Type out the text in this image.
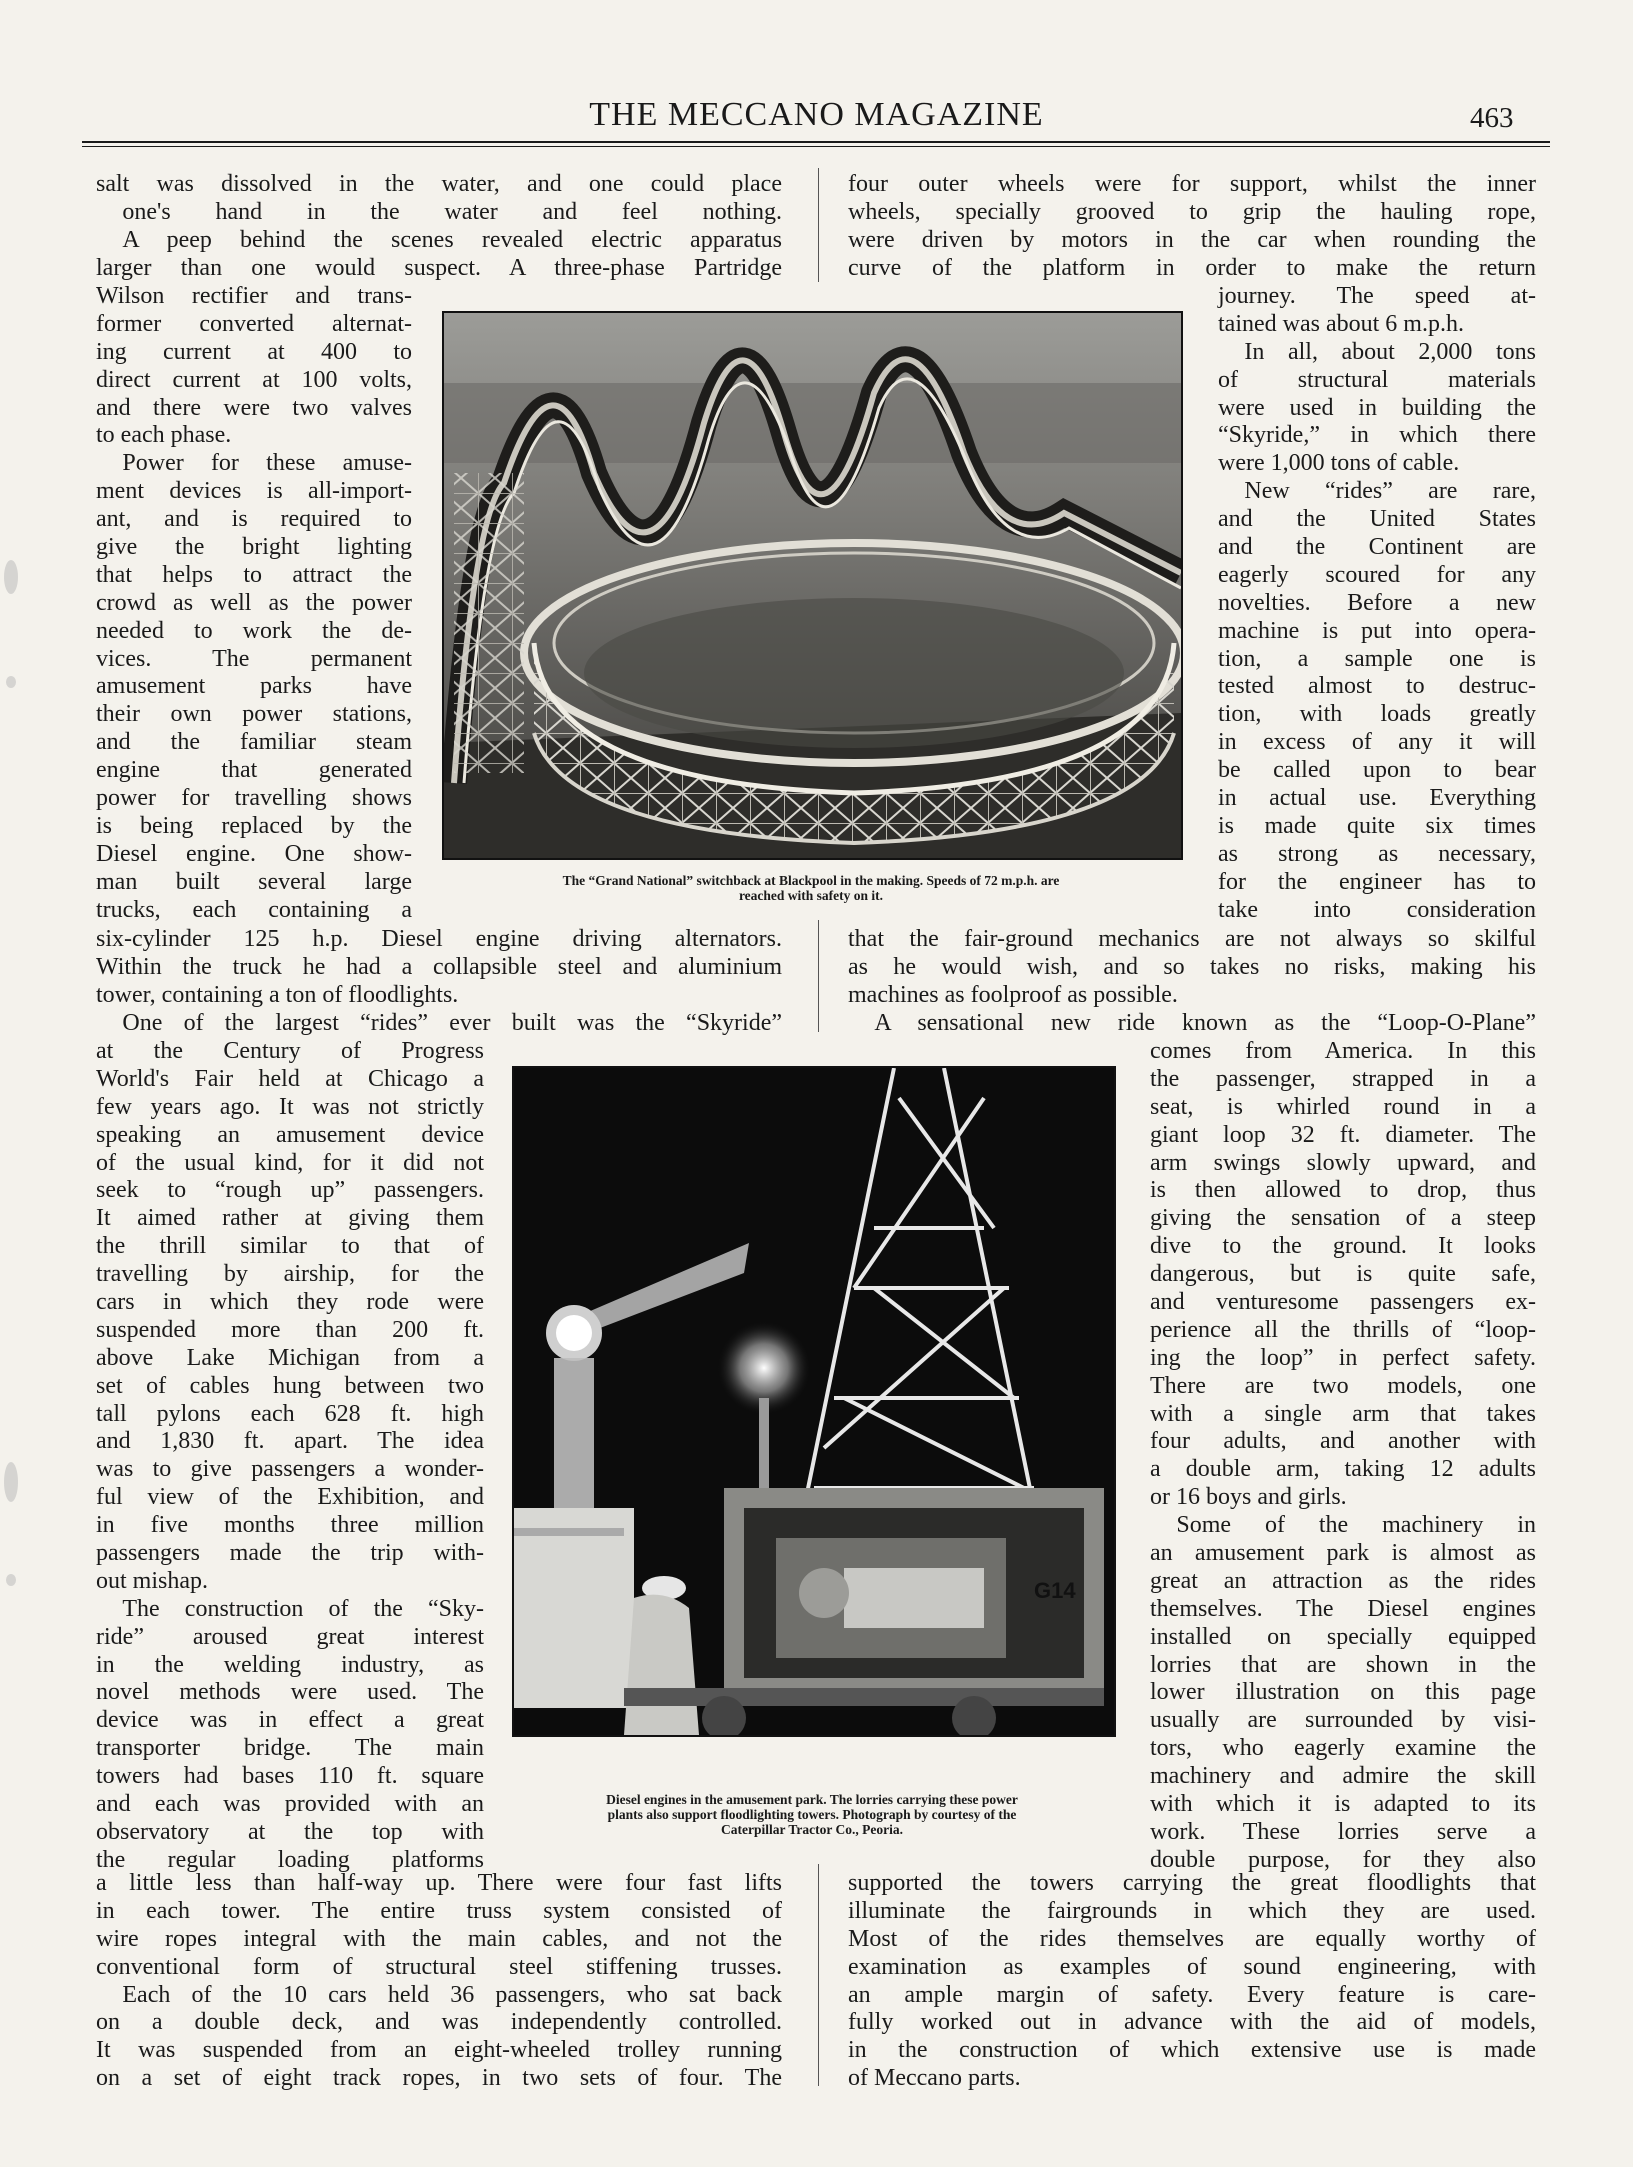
THE MECCANO MAGAZINE	463
salt was dissolved in the water, and one could place
one's hand in the water and feel nothing.
A peep behind the scenes revealed electric apparatus
larger than one would suspect. A three-phase Partridge
Wilson rectifier and trans-
former converted alternat-
ing current at 400 to
direct current at 100 volts,
and there were two valves
to each phase.
Power for these amuse-
ment devices is all-import-
ant, and is required to
give the bright lighting
that helps to attract the
crowd as well as the power
needed to work the de-
vices. The permanent
amusement parks have
their own power stations,
and the familiar steam
engine that generated
power for travelling shows
is being replaced by the
Diesel engine. One show-
man built several large
trucks, each containing a
six-cylinder 125 h.p. Diesel engine driving alternators.
Within the truck he had a collapsible steel and aluminium
tower, containing a ton of floodlights.
One of the largest “rides” ever built was the “Skyride”
at the Century of Progress
World's Fair held at Chicago a
few years ago. It was not strictly
speaking an amusement device
of the usual kind, for it did not
seek to “rough up” passengers.
It aimed rather at giving them
the thrill similar to that of
travelling by airship, for the
cars in which they rode were
suspended more than 200 ft.
above Lake Michigan from a
set of cables hung between two
tall pylons each 628 ft. high
and 1,830 ft. apart. The idea
was to give passengers a wonder-
ful view of the Exhibition, and
in five months three million
passengers made the trip with-
out mishap.
The construction of the “Sky-
ride” aroused great interest
in the welding industry, as
novel methods were used. The
device was in effect a great
transporter bridge. The main
towers had bases 110 ft. square
and each was provided with an
observatory at the top with
the regular loading platforms
a little less than half-way up. There were four fast lifts
in each tower. The entire truss system consisted of
wire ropes integral with the main cables, and not the
conventional form of structural steel stiffening trusses.
Each of the 10 cars held 36 passengers, who sat back
on a double deck, and was independently controlled.
It was suspended from an eight-wheeled trolley running
on a set of eight track ropes, in two sets of four. The
four outer wheels were for support, whilst the inner
wheels, specially grooved to grip the hauling rope,
were driven by motors in the car when rounding the
curve of the platform in order to make the return
journey. The speed at-
tained was about 6 m.p.h.
In all, about 2,000 tons
of structural materials
were used in building the
“Skyride,” in which there
were 1,000 tons of cable.
New “rides” are rare,
and the United States
and the Continent are
eagerly scoured for any
novelties. Before a new
machine is put into opera-
tion, a sample one is
tested almost to destruc-
tion, with loads greatly
in excess of any it will
be called upon to bear
in actual use. Everything
is made quite six times
as strong as necessary,
for the engineer has to
take into consideration
that the fair-ground mechanics are not always so skilful
as he would wish, and so takes no risks, making his
machines as foolproof as possible.
A sensational new ride known as the “Loop-O-Plane”
comes from America. In this
the passenger, strapped in a
seat, is whirled round in a
giant loop 32 ft. diameter. The
arm swings slowly upward, and
is then allowed to drop, thus
giving the sensation of a steep
dive to the ground. It looks
dangerous, but is quite safe,
and venturesome passengers ex-
perience all the thrills of “loop-
ing the loop” in perfect safety.
There are two models, one
with a single arm that takes
four adults, and another with
a double arm, taking 12 adults
or 16 boys and girls.
Some of the machinery in
an amusement park is almost as
great an attraction as the rides
themselves. The Diesel engines
installed on specially equipped
lorries that are shown in the
lower illustration on this page
usually are surrounded by visi-
tors, who eagerly examine the
machinery and admire the skill
with which it is adapted to its
work. These lorries serve a
double purpose, for they also
supported the towers carrying the great floodlights that
illuminate the fairgrounds in which they are used.
Most of the rides themselves are equally worthy of
examination as examples of sound engineering, with
an ample margin of safety. Every feature is care-
fully worked out in advance with the aid of models,
in the construction of which extensive use is made
of Meccano parts.
The “Grand National” switchback at Blackpool in the making. Speeds of 72 m.p.h. are
reached with safety on it.
G14
Diesel engines in the amusement park. The lorries carrying these power
plants also support floodlighting towers. Photograph by courtesy of the
Caterpillar Tractor Co., Peoria.
